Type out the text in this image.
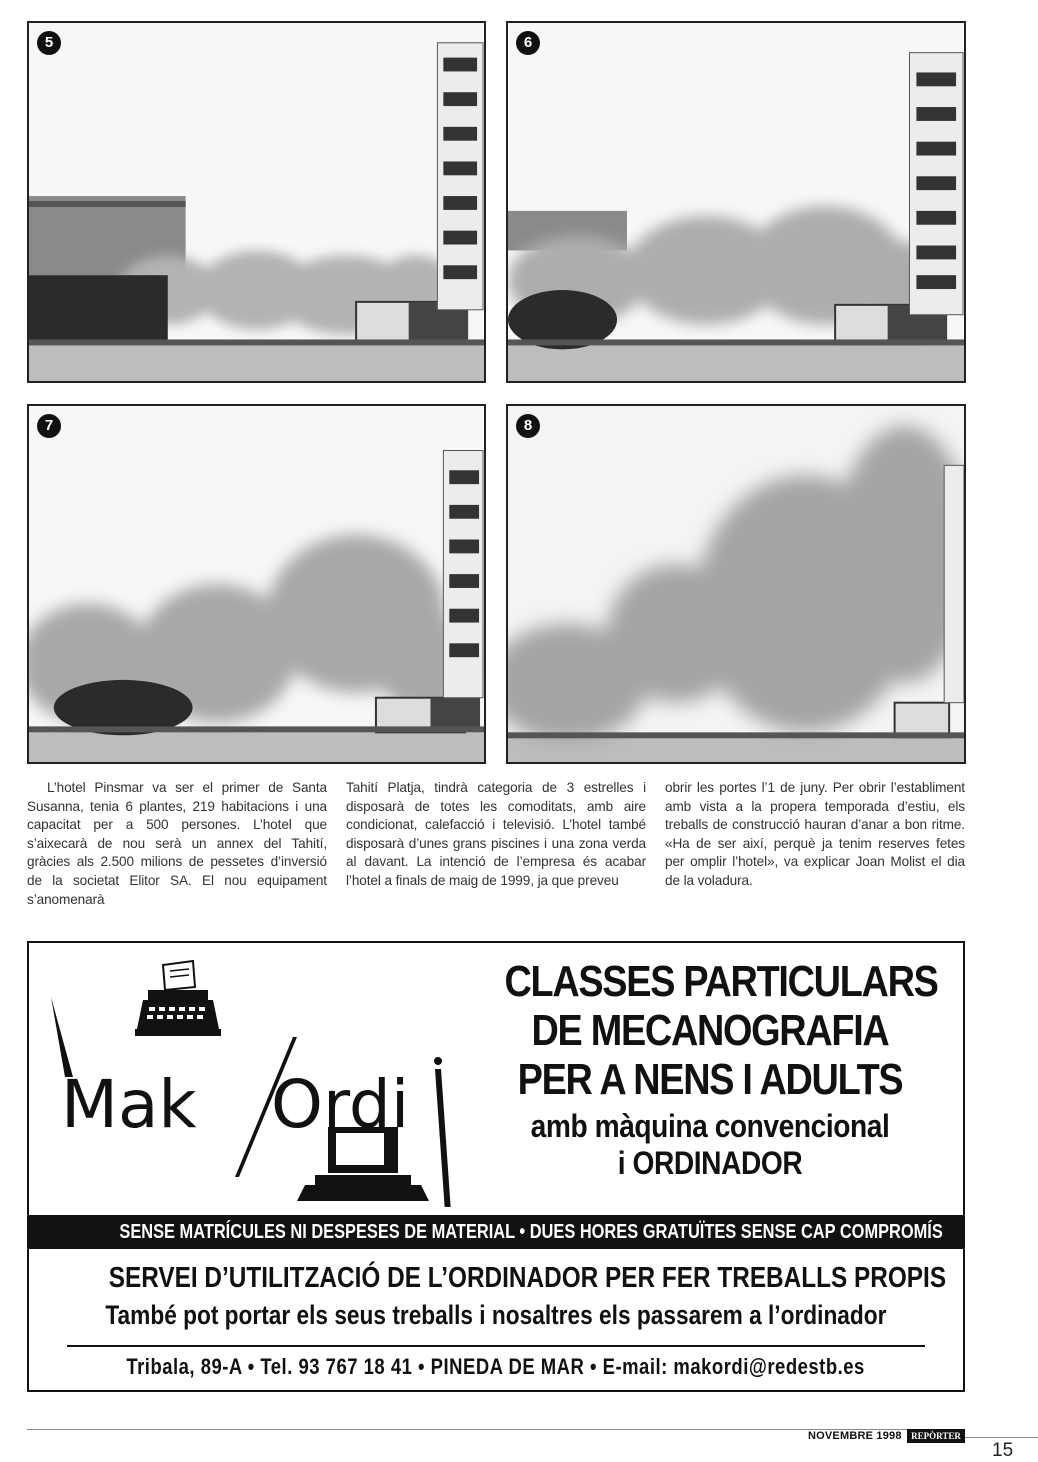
5	6
7	8

L’hotel Pinsmar va ser el primer de Santa Susanna, tenia 6 plantes, 219 habitacions i una capacitat per a 500 persones. L’hotel que s’aixecarà de nou serà un annex del Tahití, gràcies als 2.500 milions de pessetes d’inversió de la societat Elitor SA. El nou equipament s’anomenarà

Tahití Platja, tindrà categoria de 3 estrelles i disposarà de totes les comoditats, amb aire condicionat, calefacció i televisió. L’hotel també disposarà d’unes grans piscines i una zona verda al davant. La intenció de l’empresa és acabar l’hotel a finals de maig de 1999, ja que preveu

obrir les portes l’1 de juny. Per obrir l’establiment amb vista a la propera temporada d’estiu, els treballs de construcció hauran d’anar a bon ritme. «Ha de ser així, perquè ja tenim reserves fetes per omplir l’hotel», va explicar Joan Molist el dia de la voladura.

Mak Ordi
CLASSES PARTICULARS
DE MECANOGRAFIA
PER A NENS I ADULTS
amb màquina convencional
i ORDINADOR
SENSE MATRÍCULES NI DESPESES DE MATERIAL • DUES HORES GRATUÏTES SENSE CAP COMPROMÍS
SERVEI D’UTILITZACIÓ DE L’ORDINADOR PER FER TREBALLS PROPIS
També pot portar els seus treballs i nosaltres els passarem a l’ordinador
Tribala, 89-A • Tel. 93 767 18 41 • PINEDA DE MAR • E-mail: makordi@redestb.es
NOVEMBRE 1998	REPÒRTER
15
